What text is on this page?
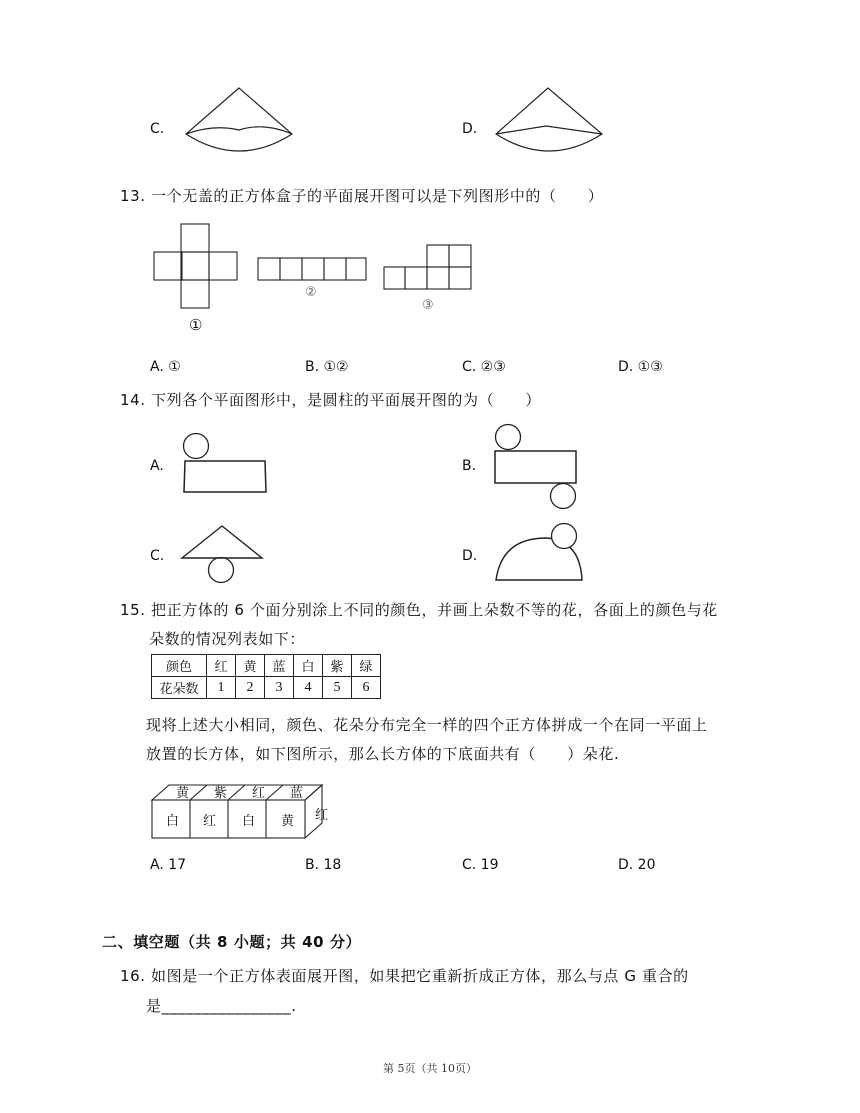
C.	D.
13. 一个无盖的正方体盒子的平面展开图可以是下列图形中的（　　）
①
②
③
A. ①	B. ①②	C. ②③	D. ①③
14. 下列各个平面图形中，是圆柱的平面展开图的为（　　）
A.	B.
C.	D.
15. 把正方体的 6 个面分别涂上不同的颜色，并画上朵数不等的花，各面上的颜色与花
朵数的情况列表如下：
颜色	红	黄	蓝	白	紫	绿
花朵数	1	2	3	4	5	6
现将上述大小相同，颜色、花朵分布完全一样的四个正方体拼成一个在同一平面上
放置的长方体，如下图所示，那么长方体的下底面共有（　　）朵花.
黄 紫 红 蓝
白 红 白 黄 红
A. 17	B. 18	C. 19	D. 20
二、填空题（共 8 小题；共 40 分）
16. 如图是一个正方体表面展开图，如果把它重新折成正方体，那么与点 G 重合的
是________________.
第 5页（共 10页）
